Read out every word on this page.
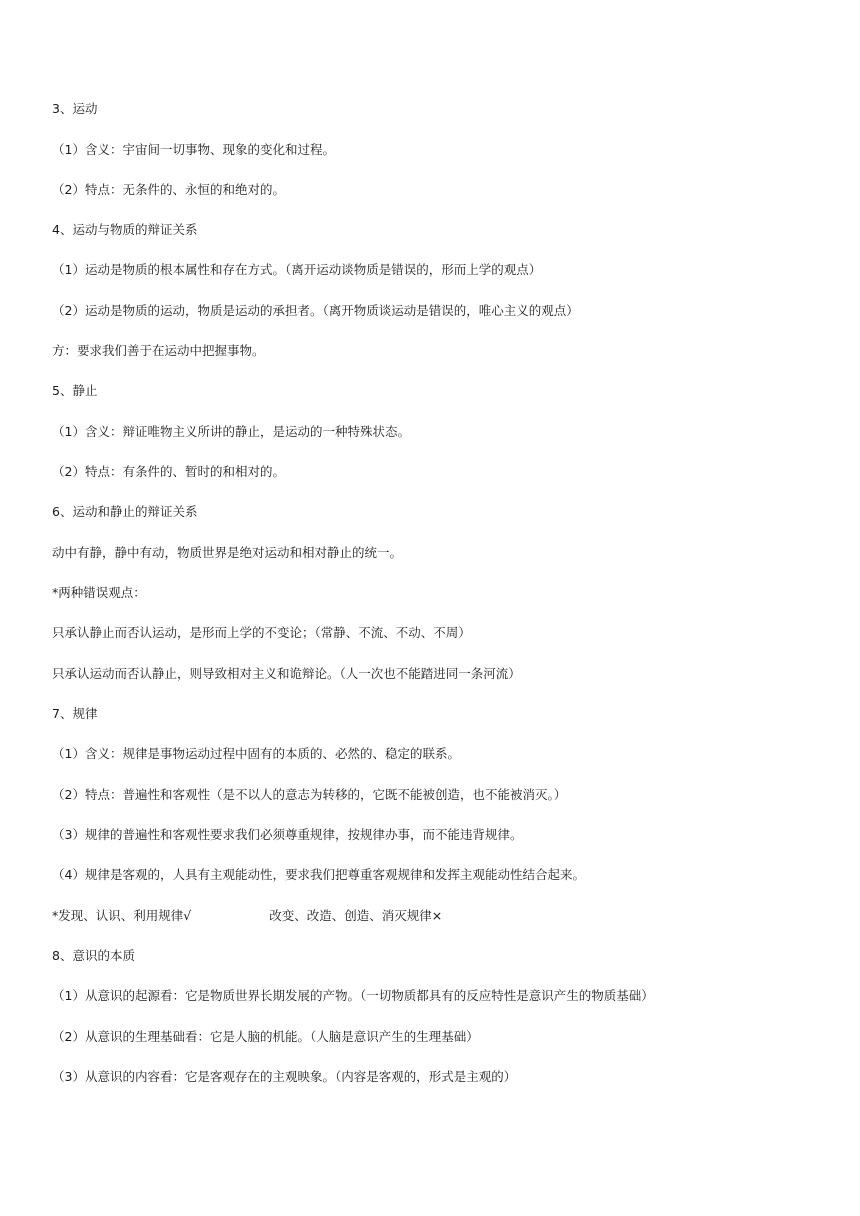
3、运动
（1）含义：宇宙间一切事物、现象的变化和过程。
（2）特点：无条件的、永恒的和绝对的。
4、运动与物质的辩证关系
（1）运动是物质的根本属性和存在方式。（离开运动谈物质是错误的，形而上学的观点）
（2）运动是物质的运动，物质是运动的承担者。（离开物质谈运动是错误的，唯心主义的观点）
方：要求我们善于在运动中把握事物。
5、静止
（1）含义：辩证唯物主义所讲的静止，是运动的一种特殊状态。
（2）特点：有条件的、暂时的和相对的。
6、运动和静止的辩证关系
动中有静，静中有动，物质世界是绝对运动和相对静止的统一。
*两种错误观点：
只承认静止而否认运动，是形而上学的不变论；（常静、不流、不动、不周）
只承认运动而否认静止，则导致相对主义和诡辩论。（人一次也不能踏进同一条河流）
7、规律
（1）含义：规律是事物运动过程中固有的本质的、必然的、稳定的联系。
（2）特点：普遍性和客观性（是不以人的意志为转移的，它既不能被创造，也不能被消灭。）
（3）规律的普遍性和客观性要求我们必须尊重规律，按规律办事，而不能违背规律。
（4）规律是客观的，人具有主观能动性，要求我们把尊重客观规律和发挥主观能动性结合起来。
*发现、认识、利用规律√	改变、改造、创造、消灭规律×
8、意识的本质
（1）从意识的起源看：它是物质世界长期发展的产物。（一切物质都具有的反应特性是意识产生的物质基础）
（2）从意识的生理基础看：它是人脑的机能。（人脑是意识产生的生理基础）
（3）从意识的内容看：它是客观存在的主观映象。（内容是客观的，形式是主观的）
